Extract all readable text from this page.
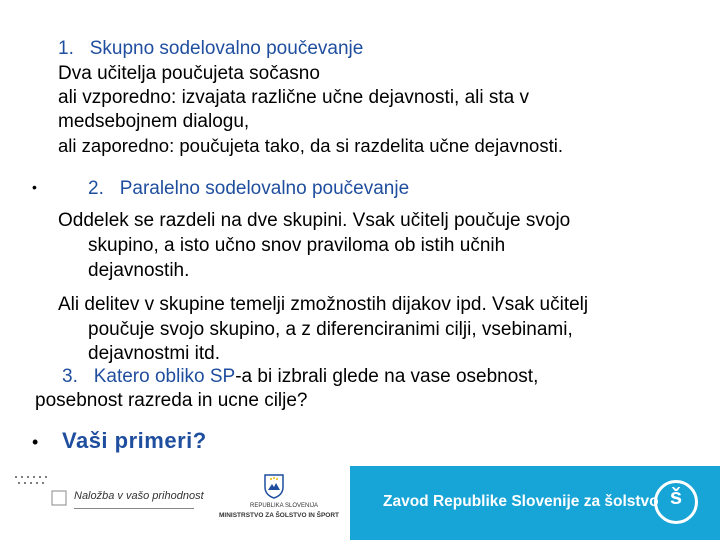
1. Skupno sodelovalno poučevanje
Dva učitelja poučujeta sočasno
ali vzporedno: izvajata različne učne dejavnosti, ali sta v
medsebojnem dialogu,
ali zaporedno: poučujeta tako, da si razdelita učne dejavnosti.
•	2. Paralelno sodelovalno poučevanje
Oddelek se razdeli na dve skupini. Vsak učitelj poučuje svojo
skupino, a isto učno snov praviloma ob istih učnih
dejavnostih.
Ali delitev v skupine temelji zmožnostih dijakov ipd. Vsak učitelj
poučuje svojo skupino, a z diferenciranimi cilji, vsebinami,
dejavnostmi itd.
3. Katero obliko SP-a bi izbrali glede na vase osebnost,
posebnost razreda in ucne cilje?
• Vaši primeri?
Naložba v vašo prihodnost
REPUBLIKA SLOVENIJA
MINISTRSTVO ZA ŠOLSTVO IN ŠPORT
Zavod Republike Slovenije za šolstvo š
